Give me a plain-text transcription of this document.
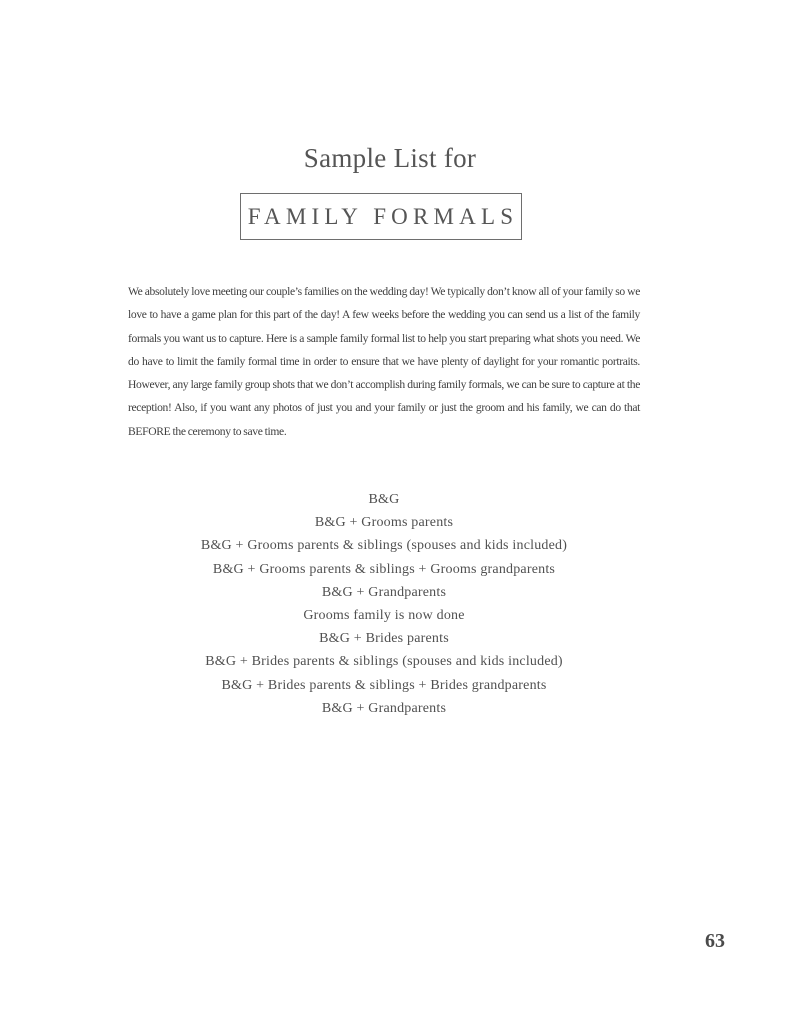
Sample List for
FAMILY FORMALS

We absolutely love meeting our couple’s families on the wedding day! We typically don’t know all of your family so we love to have a game plan for this part of the day! A few weeks before the wedding you can send us a list of the family formals you want us to capture. Here is a sample family formal list to help you start preparing what shots you need. We do have to limit the family formal time in order to ensure that we have plenty of daylight for your romantic portraits. However, any large family group shots that we don’t accomplish during family formals, we can be sure to capture at the reception! Also, if you want any photos of just you and your family or just the groom and his family, we can do that BEFORE the ceremony to save time.

B&G
B&G + Grooms parents
B&G + Grooms parents & siblings (spouses and kids included)
B&G + Grooms parents & siblings + Grooms grandparents
B&G + Grandparents
Grooms family is now done
B&G + Brides parents
B&G + Brides parents & siblings (spouses and kids included)
B&G + Brides parents & siblings + Brides grandparents
B&G + Grandparents
63
